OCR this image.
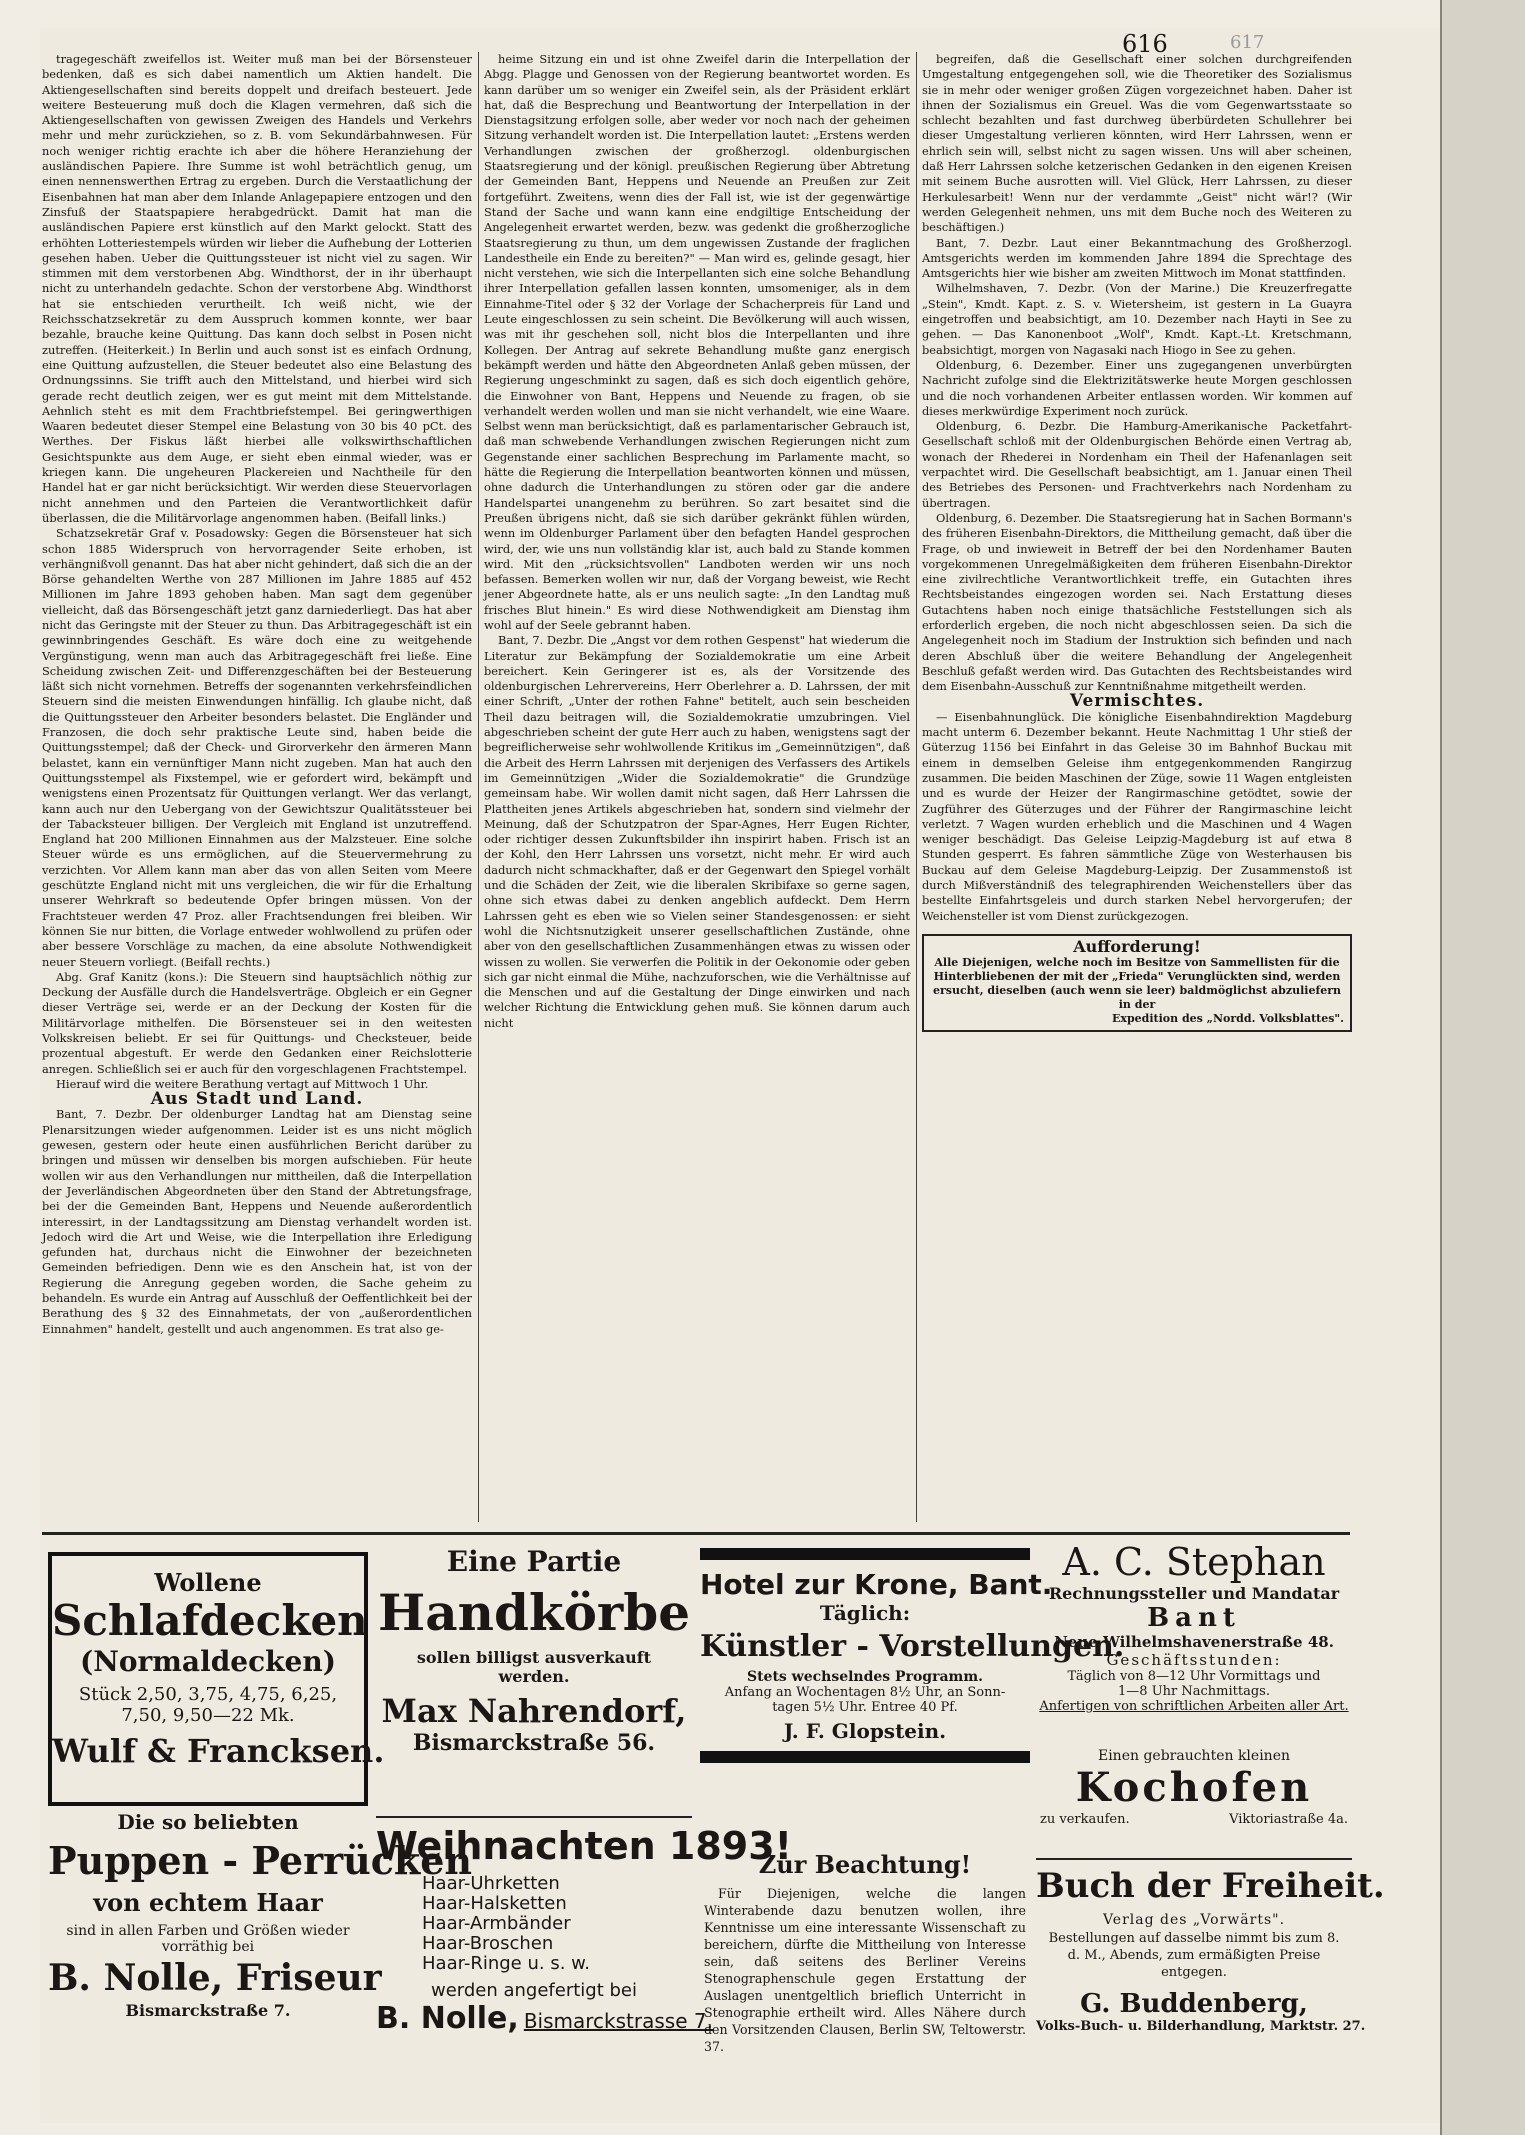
616	617

tragegeschäft zweifellos ist. Weiter muß man bei der Börsensteuer bedenken, daß es sich dabei namentlich um Aktien handelt. Die Aktiengesellschaften sind bereits doppelt und dreifach besteuert. Jede weitere Besteuerung muß doch die Klagen vermehren, daß sich die Aktiengesellschaften von gewissen Zweigen des Handels und Verkehrs mehr und mehr zurückziehen, so z. B. vom Sekundärbahnwesen. Für noch weniger richtig erachte ich aber die höhere Heranziehung der ausländischen Papiere. Ihre Summe ist wohl beträchtlich genug, um einen nennenswerthen Ertrag zu ergeben. Durch die Verstaatlichung der Eisenbahnen hat man aber dem Inlande Anlagepapiere entzogen und den Zinsfuß der Staatspapiere herabgedrückt. Damit hat man die ausländischen Papiere erst künstlich auf den Markt gelockt. Statt des erhöhten Lotteriestempels würden wir lieber die Aufhebung der Lotterien gesehen haben. Ueber die Quittungssteuer ist nicht viel zu sagen. Wir stimmen mit dem verstorbenen Abg. Windthorst, der in ihr überhaupt nicht zu unterhandeln gedachte. Schon der verstorbene Abg. Windthorst hat sie entschieden verurtheilt. Ich weiß nicht, wie der Reichsschatzsekretär zu dem Ausspruch kommen konnte, wer baar bezahle, brauche keine Quittung. Das kann doch selbst in Posen nicht zutreffen. (Heiterkeit.) In Berlin und auch sonst ist es einfach Ordnung, eine Quittung aufzustellen, die Steuer bedeutet also eine Belastung des Ordnungssinns. Sie trifft auch den Mittelstand, und hierbei wird sich gerade recht deutlich zeigen, wer es gut meint mit dem Mittelstande. Aehnlich steht es mit dem Frachtbriefstempel. Bei geringwerthigen Waaren bedeutet dieser Stempel eine Belastung von 30 bis 40 pCt. des Werthes. Der Fiskus läßt hierbei alle volkswirthschaftlichen Gesichtspunkte aus dem Auge, er sieht eben einmal wieder, was er kriegen kann. Die ungeheuren Plackereien und Nachtheile für den Handel hat er gar nicht berücksichtigt. Wir werden diese Steuervorlagen nicht annehmen und den Parteien die Verantwortlichkeit dafür überlassen, die die Militärvorlage angenommen haben. (Beifall links.)

Schatzsekretär Graf v. Posadowsky: Gegen die Börsensteuer hat sich schon 1885 Widerspruch von hervorragender Seite erhoben, ist verhängnißvoll genannt. Das hat aber nicht gehindert, daß sich die an der Börse gehandelten Werthe von 287 Millionen im Jahre 1885 auf 452 Millionen im Jahre 1893 gehoben haben. Man sagt dem gegenüber vielleicht, daß das Börsengeschäft jetzt ganz darniederliegt. Das hat aber nicht das Geringste mit der Steuer zu thun. Das Arbitragegeschäft ist ein gewinnbringendes Geschäft. Es wäre doch eine zu weitgehende Vergünstigung, wenn man auch das Arbitragegeschäft frei ließe. Eine Scheidung zwischen Zeit- und Differenzgeschäften bei der Besteuerung läßt sich nicht vornehmen. Betreffs der sogenannten verkehrsfeindlichen Steuern sind die meisten Einwendungen hinfällig. Ich glaube nicht, daß die Quittungssteuer den Arbeiter besonders belastet. Die Engländer und Franzosen, die doch sehr praktische Leute sind, haben beide die Quittungsstempel; daß der Check- und Girorverkehr den ärmeren Mann belastet, kann ein vernünftiger Mann nicht zugeben. Man hat auch den Quittungsstempel als Fixstempel, wie er gefordert wird, bekämpft und wenigstens einen Prozentsatz für Quittungen verlangt. Wer das verlangt, kann auch nur den Uebergang von der Gewichtszur Qualitätssteuer bei der Tabacksteuer billigen. Der Vergleich mit England ist unzutreffend. England hat 200 Millionen Einnahmen aus der Malzsteuer. Eine solche Steuer würde es uns ermöglichen, auf die Steuervermehrung zu verzichten. Vor Allem kann man aber das von allen Seiten vom Meere geschützte England nicht mit uns vergleichen, die wir für die Erhaltung unserer Wehrkraft so bedeutende Opfer bringen müssen. Von der Frachtsteuer werden 47 Proz. aller Frachtsendungen frei bleiben. Wir können Sie nur bitten, die Vorlage entweder wohlwollend zu prüfen oder aber bessere Vorschläge zu machen, da eine absolute Nothwendigkeit neuer Steuern vorliegt. (Beifall rechts.)

Abg. Graf Kanitz (kons.): Die Steuern sind hauptsächlich nöthig zur Deckung der Ausfälle durch die Handelsverträge. Obgleich er ein Gegner dieser Verträge sei, werde er an der Deckung der Kosten für die Militärvorlage mithelfen. Die Börsensteuer sei in den weitesten Volkskreisen beliebt. Er sei für Quittungs- und Checksteuer, beide prozentual abgestuft. Er werde den Gedanken einer Reichslotterie anregen. Schließlich sei er auch für den vorgeschlagenen Frachtstempel.

Hierauf wird die weitere Berathung vertagt auf Mittwoch 1 Uhr.

Aus Stadt und Land.

Bant, 7. Dezbr. Der oldenburger Landtag hat am Dienstag seine Plenarsitzungen wieder aufgenommen. Leider ist es uns nicht möglich gewesen, gestern oder heute einen ausführlichen Bericht darüber zu bringen und müssen wir denselben bis morgen aufschieben. Für heute wollen wir aus den Verhandlungen nur mittheilen, daß die Interpellation der Jeverländischen Abgeordneten über den Stand der Abtretungsfrage, bei der die Gemeinden Bant, Heppens und Neuende außerordentlich interessirt, in der Landtagssitzung am Dienstag verhandelt worden ist. Jedoch wird die Art und Weise, wie die Interpellation ihre Erledigung gefunden hat, durchaus nicht die Einwohner der bezeichneten Gemeinden befriedigen. Denn wie es den Anschein hat, ist von der Regierung die Anregung gegeben worden, die Sache geheim zu behandeln. Es wurde ein Antrag auf Ausschluß der Oeffentlichkeit bei der Berathung des § 32 des Einnahmetats, der von „außerordentlichen Einnahmen" handelt, gestellt und auch angenommen. Es trat also ge-

heime Sitzung ein und ist ohne Zweifel darin die Interpellation der Abgg. Plagge und Genossen von der Regierung beantwortet worden. Es kann darüber um so weniger ein Zweifel sein, als der Präsident erklärt hat, daß die Besprechung und Beantwortung der Interpellation in der Dienstagsitzung erfolgen solle, aber weder vor noch nach der geheimen Sitzung verhandelt worden ist. Die Interpellation lautet: „Erstens werden Verhandlungen zwischen der großherzogl. oldenburgischen Staatsregierung und der königl. preußischen Regierung über Abtretung der Gemeinden Bant, Heppens und Neuende an Preußen zur Zeit fortgeführt. Zweitens, wenn dies der Fall ist, wie ist der gegenwärtige Stand der Sache und wann kann eine endgiltige Entscheidung der Angelegenheit erwartet werden, bezw. was gedenkt die großherzogliche Staatsregierung zu thun, um dem ungewissen Zustande der fraglichen Landestheile ein Ende zu bereiten?" — Man wird es, gelinde gesagt, hier nicht verstehen, wie sich die Interpellanten sich eine solche Behandlung ihrer Interpellation gefallen lassen konnten, umsomeniger, als in dem Einnahme-Titel oder § 32 der Vorlage der Schacherpreis für Land und Leute eingeschlossen zu sein scheint. Die Bevölkerung will auch wissen, was mit ihr geschehen soll, nicht blos die Interpellanten und ihre Kollegen. Der Antrag auf sekrete Behandlung mußte ganz energisch bekämpft werden und hätte den Abgeordneten Anlaß geben müssen, der Regierung ungeschminkt zu sagen, daß es sich doch eigentlich gehöre, die Einwohner von Bant, Heppens und Neuende zu fragen, ob sie verhandelt werden wollen und man sie nicht verhandelt, wie eine Waare. Selbst wenn man berücksichtigt, daß es parlamentarischer Gebrauch ist, daß man schwebende Verhandlungen zwischen Regierungen nicht zum Gegenstande einer sachlichen Besprechung im Parlamente macht, so hätte die Regierung die Interpellation beantworten können und müssen, ohne dadurch die Unterhandlungen zu stören oder gar die andere Handelspartei unangenehm zu berühren. So zart besaitet sind die Preußen übrigens nicht, daß sie sich darüber gekränkt fühlen würden, wenn im Oldenburger Parlament über den befagten Handel gesprochen wird, der, wie uns nun vollständig klar ist, auch bald zu Stande kommen wird. Mit den „rücksichtsvollen" Landboten werden wir uns noch befassen. Bemerken wollen wir nur, daß der Vorgang beweist, wie Recht jener Abgeordnete hatte, als er uns neulich sagte: „In den Landtag muß frisches Blut hinein." Es wird diese Nothwendigkeit am Dienstag ihm wohl auf der Seele gebrannt haben.

Bant, 7. Dezbr. Die „Angst vor dem rothen Gespenst" hat wiederum die Literatur zur Bekämpfung der Sozialdemokratie um eine Arbeit bereichert. Kein Geringerer ist es, als der Vorsitzende des oldenburgischen Lehrervereins, Herr Oberlehrer a. D. Lahrssen, der mit einer Schrift, „Unter der rothen Fahne" betitelt, auch sein bescheiden Theil dazu beitragen will, die Sozialdemokratie umzubringen. Viel abgeschrieben scheint der gute Herr auch zu haben, wenigstens sagt der begreiflicherweise sehr wohlwollende Kritikus im „Gemeinnützigen", daß die Arbeit des Herrn Lahrssen mit derjenigen des Verfassers des Artikels im Gemeinnützigen „Wider die Sozialdemokratie" die Grundzüge gemeinsam habe. Wir wollen damit nicht sagen, daß Herr Lahrssen die Plattheiten jenes Artikels abgeschrieben hat, sondern sind vielmehr der Meinung, daß der Schutzpatron der Spar-Agnes, Herr Eugen Richter, oder richtiger dessen Zukunftsbilder ihn inspirirt haben. Frisch ist an der Kohl, den Herr Lahrssen uns vorsetzt, nicht mehr. Er wird auch dadurch nicht schmackhafter, daß er der Gegenwart den Spiegel vorhält und die Schäden der Zeit, wie die liberalen Skribifaxe so gerne sagen, ohne sich etwas dabei zu denken angeblich aufdeckt. Dem Herrn Lahrssen geht es eben wie so Vielen seiner Standesgenossen: er sieht wohl die Nichtsnutzigkeit unserer gesellschaftlichen Zustände, ohne aber von den gesellschaftlichen Zusammenhängen etwas zu wissen oder wissen zu wollen. Sie verwerfen die Politik in der Oekonomie oder geben sich gar nicht einmal die Mühe, nachzuforschen, wie die Verhältnisse auf die Menschen und auf die Gestaltung der Dinge einwirken und nach welcher Richtung die Entwicklung gehen muß. Sie können darum auch nicht

begreifen, daß die Gesellschaft einer solchen durchgreifenden Umgestaltung entgegengehen soll, wie die Theoretiker des Sozialismus sie in mehr oder weniger großen Zügen vorgezeichnet haben. Daher ist ihnen der Sozialismus ein Greuel. Was die vom Gegenwartsstaate so schlecht bezahlten und fast durchweg überbürdeten Schullehrer bei dieser Umgestaltung verlieren könnten, wird Herr Lahrssen, wenn er ehrlich sein will, selbst nicht zu sagen wissen. Uns will aber scheinen, daß Herr Lahrssen solche ketzerischen Gedanken in den eigenen Kreisen mit seinem Buche ausrotten will. Viel Glück, Herr Lahrssen, zu dieser Herkulesarbeit! Wenn nur der verdammte „Geist" nicht wär!? (Wir werden Gelegenheit nehmen, uns mit dem Buche noch des Weiteren zu beschäftigen.)

Bant, 7. Dezbr. Laut einer Bekanntmachung des Großherzogl. Amtsgerichts werden im kommenden Jahre 1894 die Sprechtage des Amtsgerichts hier wie bisher am zweiten Mittwoch im Monat stattfinden.

Wilhelmshaven, 7. Dezbr. (Von der Marine.) Die Kreuzerfregatte „Stein", Kmdt. Kapt. z. S. v. Wietersheim, ist gestern in La Guayra eingetroffen und beabsichtigt, am 10. Dezember nach Hayti in See zu gehen. — Das Kanonenboot „Wolf", Kmdt. Kapt.-Lt. Kretschmann, beabsichtigt, morgen von Nagasaki nach Hiogo in See zu gehen.

Oldenburg, 6. Dezember. Einer uns zugegangenen unverbürgten Nachricht zufolge sind die Elektrizitätswerke heute Morgen geschlossen und die noch vorhandenen Arbeiter entlassen worden. Wir kommen auf dieses merkwürdige Experiment noch zurück.

Oldenburg, 6. Dezbr. Die Hamburg-Amerikanische Packetfahrt-Gesellschaft schloß mit der Oldenburgischen Behörde einen Vertrag ab, wonach der Rhederei in Nordenham ein Theil der Hafenanlagen seit verpachtet wird. Die Gesellschaft beabsichtigt, am 1. Januar einen Theil des Betriebes des Personen- und Frachtverkehrs nach Nordenham zu übertragen.

Oldenburg, 6. Dezember. Die Staatsregierung hat in Sachen Bormann's des früheren Eisenbahn-Direktors, die Mittheilung gemacht, daß über die Frage, ob und inwieweit in Betreff der bei den Nordenhamer Bauten vorgekommenen Unregelmäßigkeiten dem früheren Eisenbahn-Direktor eine zivilrechtliche Verantwortlichkeit treffe, ein Gutachten ihres Rechtsbeistandes eingezogen worden sei. Nach Erstattung dieses Gutachtens haben noch einige thatsächliche Feststellungen sich als erforderlich ergeben, die noch nicht abgeschlossen seien. Da sich die Angelegenheit noch im Stadium der Instruktion sich befinden und nach deren Abschluß über die weitere Behandlung der Angelegenheit Beschluß gefaßt werden wird. Das Gutachten des Rechtsbeistandes wird dem Eisenbahn-Ausschuß zur Kenntnißnahme mitgetheilt werden.

Vermischtes.

— Eisenbahnunglück. Die königliche Eisenbahndirektion Magdeburg macht unterm 6. Dezember bekannt. Heute Nachmittag 1 Uhr stieß der Güterzug 1156 bei Einfahrt in das Geleise 30 im Bahnhof Buckau mit einem in demselben Geleise ihm entgegenkommenden Rangirzug zusammen. Die beiden Maschinen der Züge, sowie 11 Wagen entgleisten und es wurde der Heizer der Rangirmaschine getödtet, sowie der Zugführer des Güterzuges und der Führer der Rangirmaschine leicht verletzt. 7 Wagen wurden erheblich und die Maschinen und 4 Wagen weniger beschädigt. Das Geleise Leipzig-Magdeburg ist auf etwa 8 Stunden gesperrt. Es fahren sämmtliche Züge von Westerhausen bis Buckau auf dem Geleise Magdeburg-Leipzig. Der Zusammenstoß ist durch Mißverständniß des telegraphirenden Weichenstellers über das bestellte Einfahrtsgeleis und durch starken Nebel hervorgerufen; der Weichensteller ist vom Dienst zurückgezogen.

Aufforderung!
Alle Diejenigen, welche noch im Besitze von Sammellisten für die Hinterbliebenen der mit der „Frieda" Verunglückten sind, werden ersucht, dieselben (auch wenn sie leer) baldmöglichst abzuliefern in der
Expedition des „Nordd. Volksblattes".
Wollene
Schlafdecken
(Normaldecken)
Stück 2,50, 3,75, 4,75, 6,25,
7,50, 9,50—22 Mk.
Wulf & Francksen.
Die so beliebten
Puppen - Perrücken
von echtem Haar
sind in allen Farben und Größen wieder
vorräthig bei
B. Nolle, Friseur
Bismarckstraße 7.
Eine Partie
Handkörbe
sollen billigst ausverkauft
werden.
Max Nahrendorf,
Bismarckstraße 56.
Weihnachten 1893!
Haar-Uhrketten
Haar-Halsketten
Haar-Armbänder
Haar-Broschen
Haar-Ringe u. s. w.
werden angefertigt bei
B. Nolle, Bismarckstrasse 7.
Hotel zur Krone, Bant.
Täglich:
Künstler - Vorstellungen.
Stets wechselndes Programm.
Anfang an Wochentagen 8½ Uhr, an Sonn-
tagen 5½ Uhr. Entree 40 Pf.
J. F. Glopstein.
Zur Beachtung!
Für Diejenigen, welche die langen Winterabende dazu benutzen wollen, ihre Kenntnisse um eine interessante Wissenschaft zu bereichern, dürfte die Mittheilung von Interesse sein, daß seitens des Berliner Vereins Stenographenschule gegen Erstattung der Auslagen unentgeltlich brieflich Unterricht in Stenographie ertheilt wird. Alles Nähere durch den Vorsitzenden Clausen, Berlin SW, Teltowerstr. 37.
A. C. Stephan
Rechnungssteller und Mandatar
Bant
Neue Wilhelmshavenerstraße 48.
Geschäftsstunden:
Täglich von 8—12 Uhr Vormittags und
1—8 Uhr Nachmittags.
Anfertigen von schriftlichen Arbeiten aller Art.
Einen gebrauchten kleinen
Kochofen
zu verkaufen.	Viktoriastraße 4a.
Buch der Freiheit.
Verlag des „Vorwärts".
Bestellungen auf dasselbe nimmt bis zum 8. d. M., Abends, zum ermäßigten Preise entgegen.
G. Buddenberg,
Volks-Buch- u. Bilderhandlung, Marktstr. 27.
